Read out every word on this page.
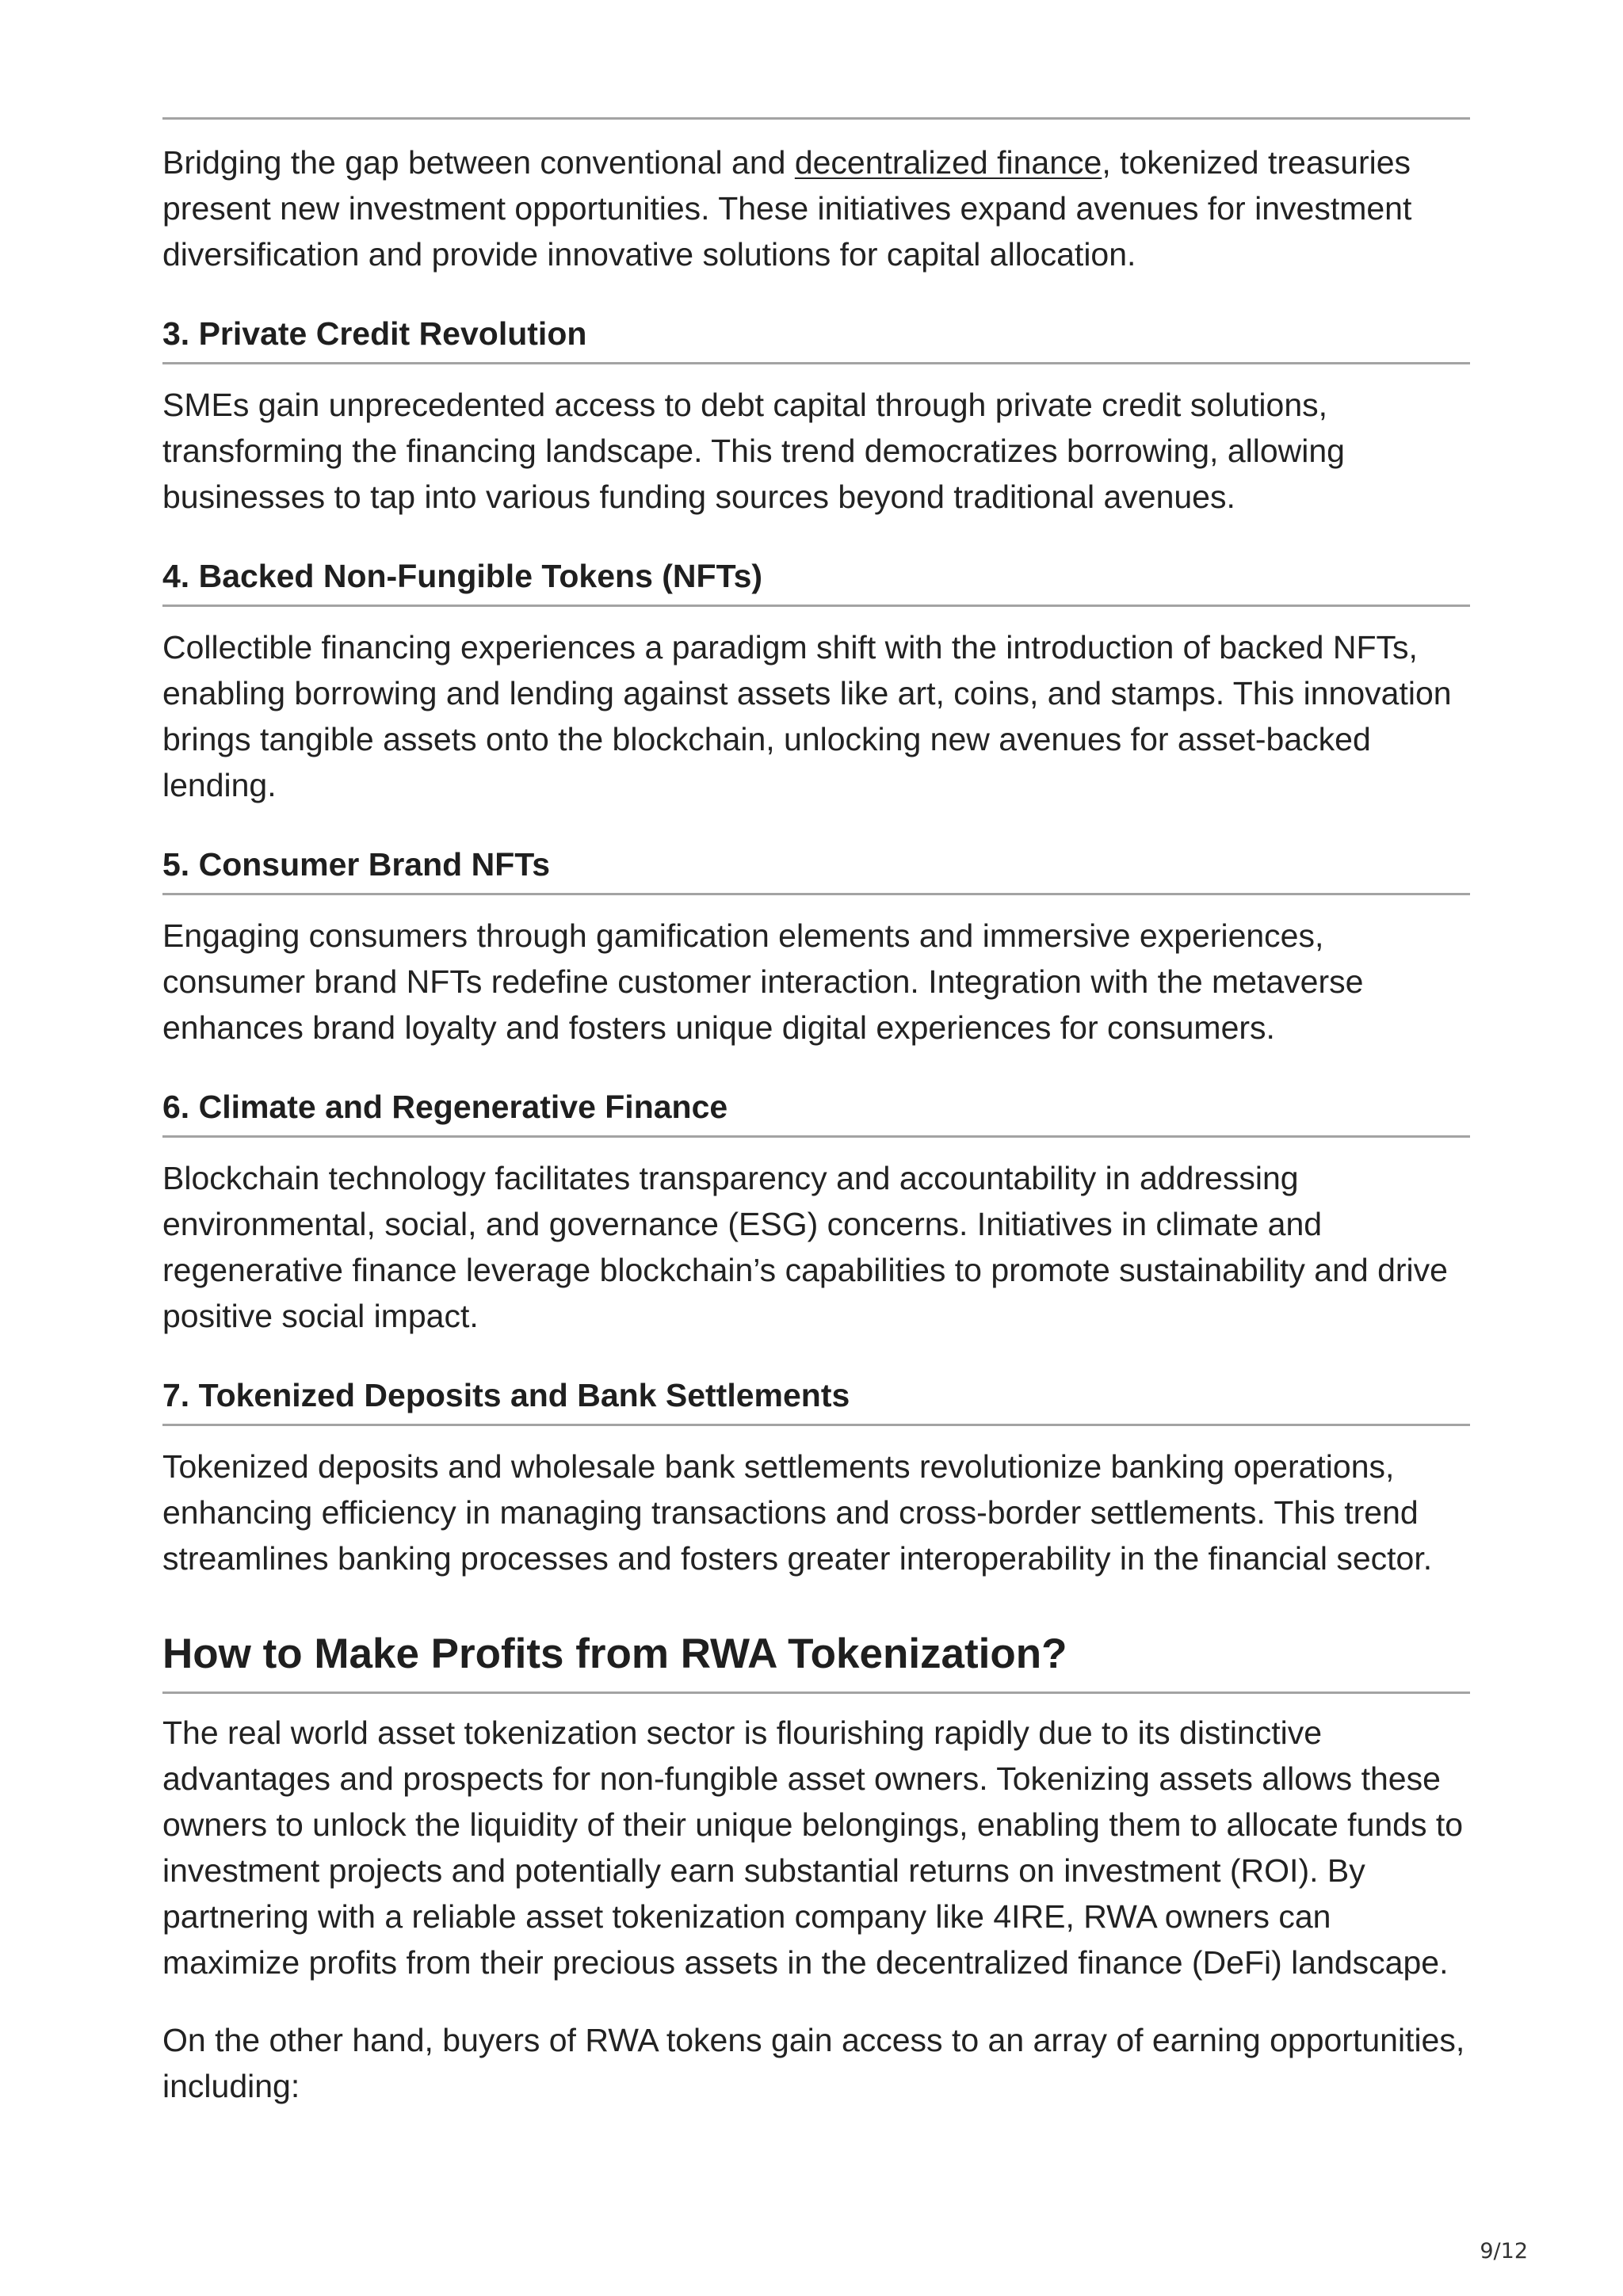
Bridging the gap between conventional and decentralized finance, tokenized treasuries present new investment opportunities. These initiatives expand avenues for investment diversification and provide innovative solutions for capital allocation.

3. Private Credit Revolution

SMEs gain unprecedented access to debt capital through private credit solutions, transforming the financing landscape. This trend democratizes borrowing, allowing businesses to tap into various funding sources beyond traditional avenues.

4. Backed Non-Fungible Tokens (NFTs)

Collectible financing experiences a paradigm shift with the introduction of backed NFTs, enabling borrowing and lending against assets like art, coins, and stamps. This innovation brings tangible assets onto the blockchain, unlocking new avenues for asset-backed lending.

5. Consumer Brand NFTs

Engaging consumers through gamification elements and immersive experiences, consumer brand NFTs redefine customer interaction. Integration with the metaverse enhances brand loyalty and fosters unique digital experiences for consumers.

6. Climate and Regenerative Finance

Blockchain technology facilitates transparency and accountability in addressing environmental, social, and governance (ESG) concerns. Initiatives in climate and regenerative finance leverage blockchain’s capabilities to promote sustainability and drive positive social impact.

7. Tokenized Deposits and Bank Settlements

Tokenized deposits and wholesale bank settlements revolutionize banking operations, enhancing efficiency in managing transactions and cross-border settlements. This trend streamlines banking processes and fosters greater interoperability in the financial sector.

How to Make Profits from RWA Tokenization?

The real world asset tokenization sector is flourishing rapidly due to its distinctive advantages and prospects for non-fungible asset owners. Tokenizing assets allows these owners to unlock the liquidity of their unique belongings, enabling them to allocate funds to investment projects and potentially earn substantial returns on investment (ROI). By partnering with a reliable asset tokenization company like 4IRE, RWA owners can maximize profits from their precious assets in the decentralized finance (DeFi) landscape.

On the other hand, buyers of RWA tokens gain access to an array of earning opportunities, including:

9/12
